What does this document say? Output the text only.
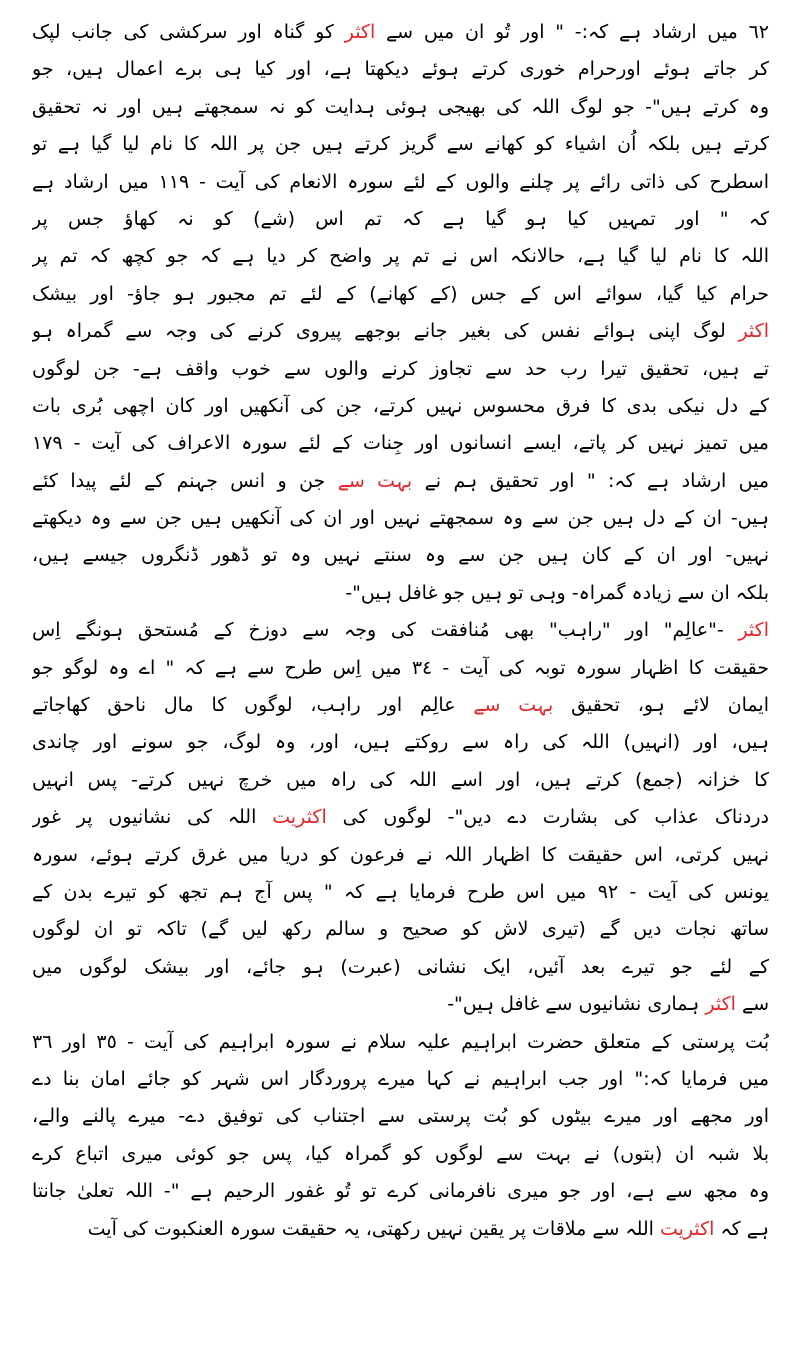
٦٢ میں ارشاد ہے کہ:- " اور تُو ان میں سے اکثر کو گناہ اور سرکشی کی جانب لپک
کر جاتے ہوئے اورحرام خوری کرتے ہوئے دیکھتا ہے، اور کیا ہی برے اعمال ہیں، جو
وہ کرتے ہیں"- جو لوگ اللہ کی بھیجی ہوئی ہدایت کو نہ سمجھتے ہیں اور نہ تحقیق
کرتے ہیں بلکہ اُن اشیاء کو کھانے سے گریز کرتے ہیں جن پر اللہ کا نام لیا گیا ہے تو
اسطرح کی ذاتی رائے پر چلنے والوں کے لئے سورہ الانعام کی آیت - ١١٩ میں ارشاد ہے
کہ " اور تمہیں کیا ہو گیا ہے کہ تم اس (شے) کو نہ کھاؤ جس پر
اللہ کا نام لیا گیا ہے، حالانکہ اس نے تم پر واضح کر دیا ہے کہ جو کچھ کہ تم پر
حرام کیا گیا، سوائے اس کے جس (کے کھانے) کے لئے تم مجبور ہو جاؤ- اور بیشک
اکثر لوگ اپنی ہوائے نفس کی بغیر جانے بوجھے پیروی کرنے کی وجہ سے گمراہ ہو
تے ہیں، تحقیق تیرا رب حد سے تجاوز کرنے والوں سے خوب واقف ہے- جن لوگوں
کے دل نیکی بدی کا فرق محسوس نہیں کرتے، جن کی آنکھیں اور کان اچھی بُری بات
میں تمیز نہیں کر پاتے، ایسے انسانوں اور جِنات کے لئے سورہ الاعراف کی آیت - ١٧٩
میں ارشاد ہے کہ: " اور تحقیق ہم نے بہت سے جن و انس جہنم کے لئے پیدا کئے
ہیں- ان کے دل ہیں جن سے وہ سمجھتے نہیں اور ان کی آنکھیں ہیں جن سے وہ دیکھتے
نہیں- اور ان کے کان ہیں جن سے وہ سنتے نہیں وہ تو ڈھور ڈنگروں جیسے ہیں،
بلکہ ان سے زیادہ گمراہ- وہی تو ہیں جو غافل ہیں"-
اکثر -"عالِم" اور "راہب" بھی مُنافقت کی وجہ سے دوزخ کے مُستحق ہونگے اِس
حقیقت کا اظہار سورہ توبہ کی آیت - ٣٤ میں اِس طرح سے ہے کہ " اے وہ لوگو جو
ایمان لائے ہو، تحقیق بہت سے عالِم اور راہب، لوگوں کا مال ناحق کھاجاتے
ہیں، اور (انہیں) اللہ کی راہ سے روکتے ہیں، اور، وہ لوگ، جو سونے اور چاندی
کا خزانہ (جمع) کرتے ہیں، اور اسے اللہ کی راہ میں خرچ نہیں کرتے- پس انہیں
دردناک عذاب کی بشارت دے دیں"- لوگوں کی اکثریت اللہ کی نشانیوں پر غور
نہیں کرتی، اس حقیقت کا اظہار اللہ نے فرعون کو دریا میں غرق کرتے ہوئے، سورہ
یونس کی آیت - ٩٢ میں اس طرح فرمایا ہے کہ " پس آج ہم تجھ کو تیرے بدن کے
ساتھ نجات دیں گے (تیری لاش کو صحیح و سالم رکھ لیں گے) تاکہ تو ان لوگوں
کے لئے جو تیرے بعد آئیں، ایک نشانی (عبرت) ہو جائے، اور بیشک لوگوں میں
سے اکثر ہماری نشانیوں سے غافل ہیں"-
بُت پرستی کے متعلق حضرت ابراہیم علیہ سلام نے سورہ ابراہیم کی آیت - ٣٥ اور ٣٦
میں فرمایا کہ:" اور جب ابراہیم نے کہا میرے پروردگار اس شہر کو جائے امان بنا دے
اور مجھے اور میرے بیٹوں کو بُت پرستی سے اجتناب کی توفیق دے- میرے پالنے والے،
بلا شبہ ان (بتوں) نے بہت سے لوگوں کو گمراہ کیا، پس جو کوئی میری اتباع کرے
وہ مجھ سے ہے، اور جو میری نافرمانی کرے تو تُو غفور الرحیم ہے "- اللہ تعلیٰ جانتا
ہے کہ اکثریت اللہ سے ملاقات پر یقین نہیں رکھتی، یہ حقیقت سورہ العنکبوت کی آیت
